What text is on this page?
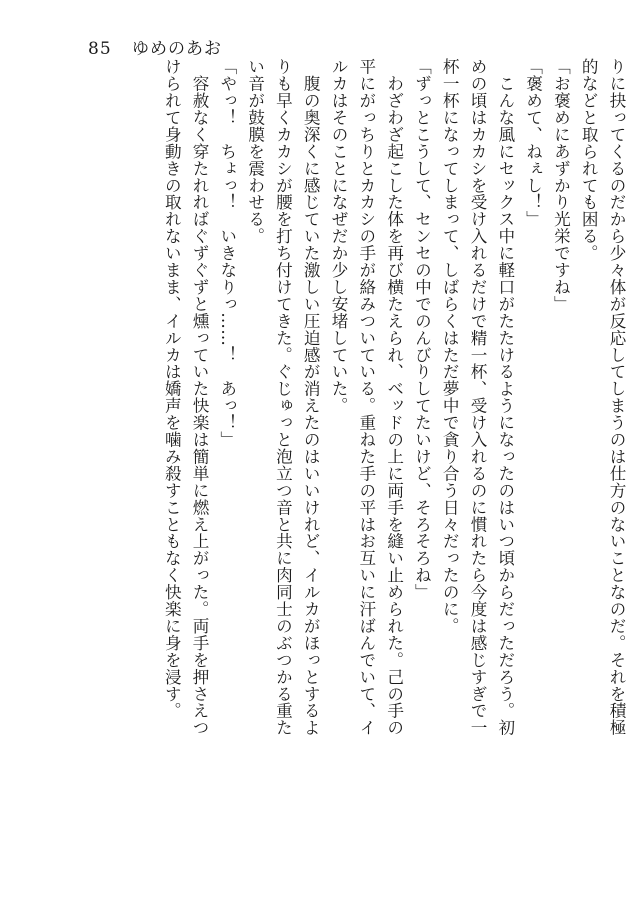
85 ゆめのあお
りに抉ってくるのだから少々体が反応してしまうのは仕方のないことなのだ。それを積極
的などと取られても困る。
「お褒めにあずかり光栄ですね」
「褒めて、ねぇし！」
　こんな風にセックス中に軽口がたたけるようになったのはいつ頃からだっただろう。初
めの頃はカカシを受け入れるだけで精一杯、受け入れるのに慣れたら今度は感じすぎで一
杯一杯になってしまって、しばらくはただ夢中で貪り合う日々だったのに。
「ずっとこうして、センセの中でのんびりしてたいけど、そろそろね」
　わざわざ起こした体を再び横たえられ、ベッドの上に両手を縫い止められた。己の手の
平にがっちりとカカシの手が絡みついている。重ねた手の平はお互いに汗ばんでいて、イ
ルカはそのことになぜだか少し安堵していた。
　腹の奥深くに感じていた激しい圧迫感が消えたのはいいけれど、イルカがほっとするよ
りも早くカカシが腰を打ち付けてきた。ぐじゅっと泡立つ音と共に肉同士のぶつかる重た
い音が鼓膜を震わせる。
「やっ！　ちょっ！　いきなりっ……！　あっ！」
　容赦なく穿たれればぐずぐずと燻っていた快楽は簡単に燃え上がった。両手を押さえつ
けられて身動きの取れないまま、イルカは嬌声を噛み殺すこともなく快楽に身を浸す。
